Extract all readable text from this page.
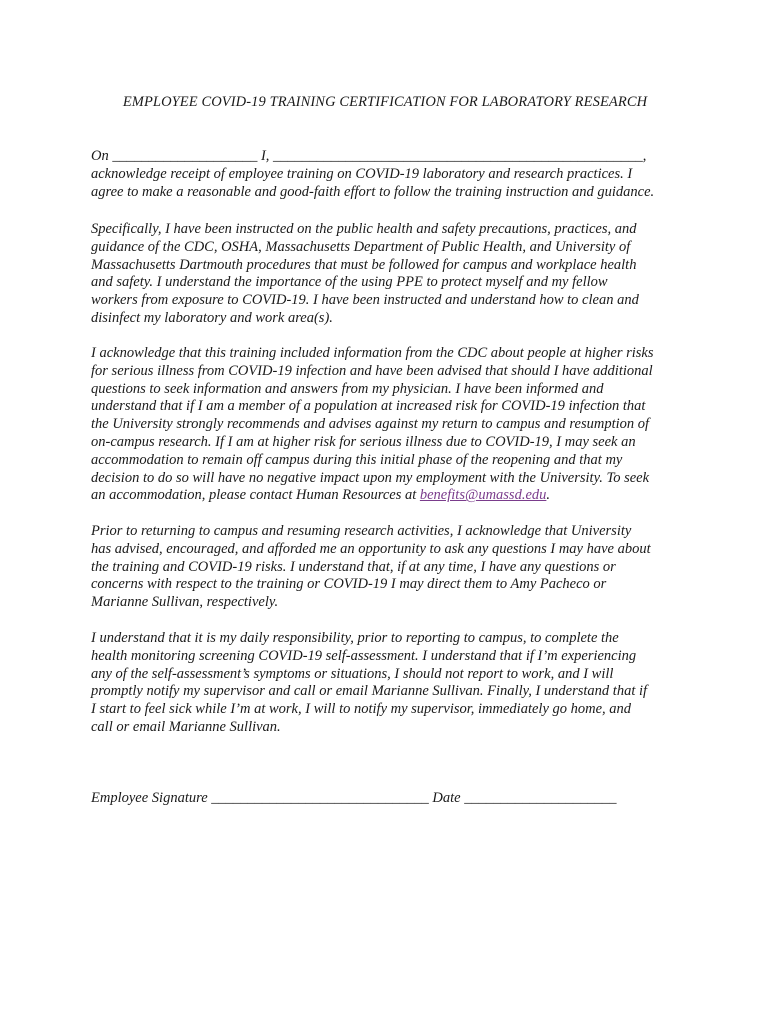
EMPLOYEE COVID-19 TRAINING CERTIFICATION FOR LABORATORY RESEARCH
On ____________________ I, ___________________________________________________,
acknowledge receipt of employee training on COVID-19 laboratory and research practices. I
agree to make a reasonable and good-faith effort to follow the training instruction and guidance.
Specifically, I have been instructed on the public health and safety precautions, practices, and
guidance of the CDC, OSHA, Massachusetts Department of Public Health, and University of
Massachusetts Dartmouth procedures that must be followed for campus and workplace health
and safety. I understand the importance of the using PPE to protect myself and my fellow
workers from exposure to COVID-19. I have been instructed and understand how to clean and
disinfect my laboratory and work area(s).
I acknowledge that this training included information from the CDC about people at higher risks
for serious illness from COVID-19 infection and have been advised that should I have additional
questions to seek information and answers from my physician. I have been informed and
understand that if I am a member of a population at increased risk for COVID-19 infection that
the University strongly recommends and advises against my return to campus and resumption of
on-campus research. If I am at higher risk for serious illness due to COVID-19, I may seek an
accommodation to remain off campus during this initial phase of the reopening and that my
decision to do so will have no negative impact upon my employment with the University. To seek
an accommodation, please contact Human Resources at benefits@umassd.edu.
Prior to returning to campus and resuming research activities, I acknowledge that University
has advised, encouraged, and afforded me an opportunity to ask any questions I may have about
the training and COVID-19 risks. I understand that, if at any time, I have any questions or
concerns with respect to the training or COVID-19 I may direct them to Amy Pacheco or
Marianne Sullivan, respectively.
I understand that it is my daily responsibility, prior to reporting to campus, to complete the
health monitoring screening COVID-19 self-assessment. I understand that if I’m experiencing
any of the self-assessment’s symptoms or situations, I should not report to work, and I will
promptly notify my supervisor and call or email Marianne Sullivan. Finally, I understand that if
I start to feel sick while I’m at work, I will to notify my supervisor, immediately go home, and
call or email Marianne Sullivan.
Employee Signature ______________________________ Date _____________________
